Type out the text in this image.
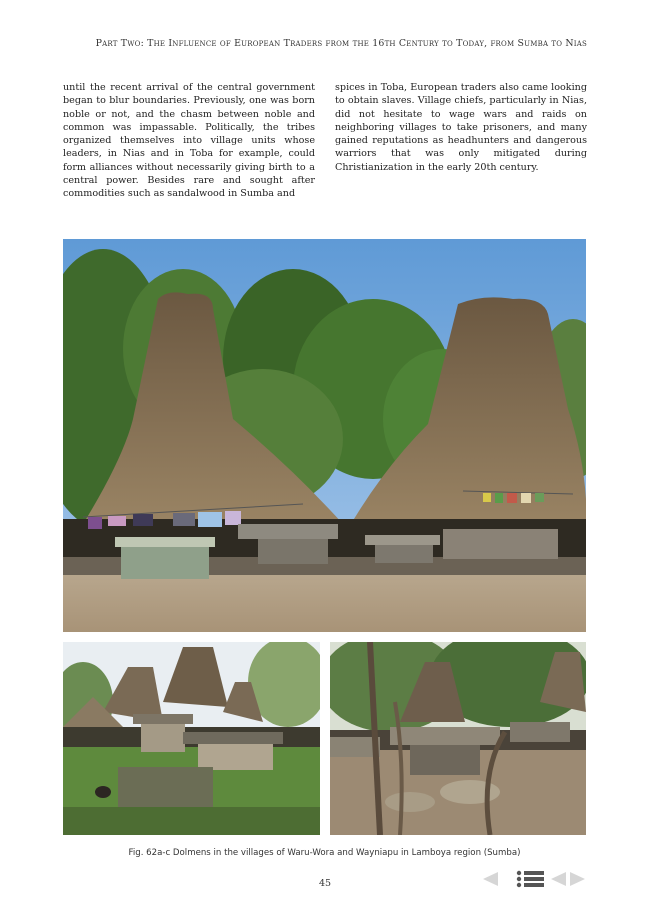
Part Two: The Influence of European Traders from the 16th Century to Today, from Sumba to Nias
until the recent arrival of the central government began to blur boundaries. Previously, one was born noble or not, and the chasm between noble and common was impassable. Politically, the tribes organized themselves into village units whose leaders, in Nias and in Toba for example, could form alliances without necessarily giving birth to a central power. Besides rare and sought after commodities such as sandalwood in Sumba and
spices in Toba, European traders also came looking to obtain slaves. Village chiefs, particularly in Nias, did not hesitate to wage wars and raids on neighboring villages to take prisoners, and many gained reputations as headhunters and dangerous warriors that was only mitigated during Christianization in the early 20th century.
Fig. 62a-c Dolmens in the villages of Waru-Wora and Wayniapu in Lamboya region (Sumba)
45
